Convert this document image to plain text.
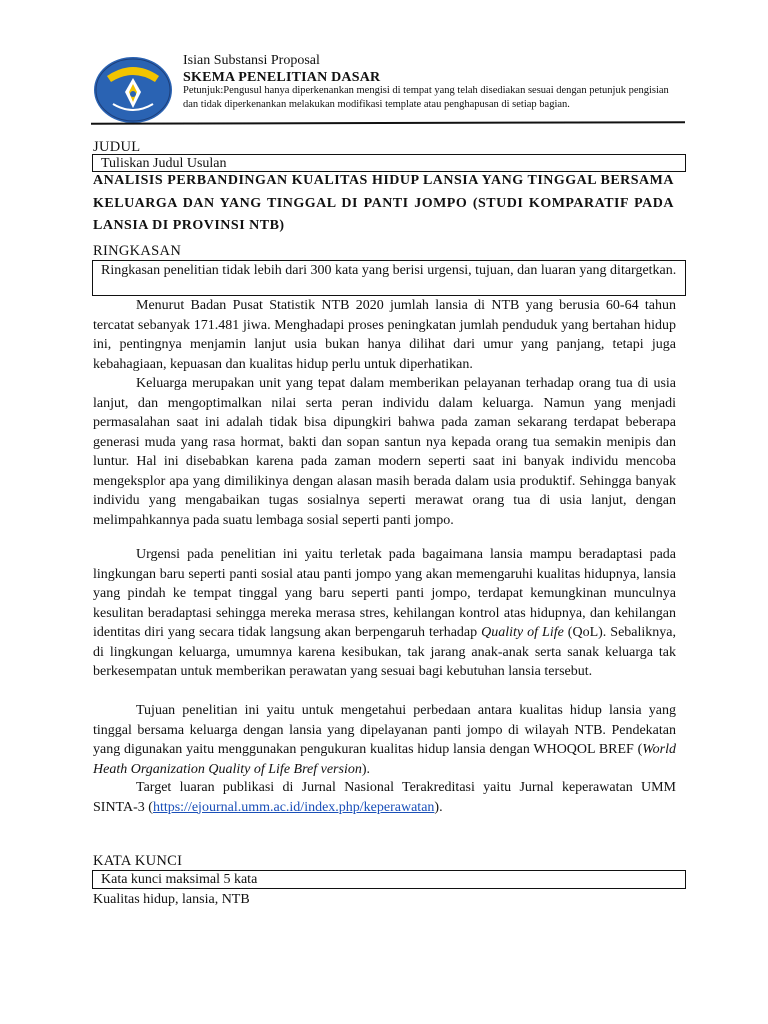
Isian Substansi Proposal
SKEMA PENELITIAN DASAR
Petunjuk:Pengusul hanya diperkenankan mengisi di tempat yang telah disediakan sesuai dengan petunjuk pengisian dan tidak diperkenankan melakukan modifikasi template atau penghapusan di setiap bagian.
JUDUL
Tuliskan Judul Usulan
ANALISIS PERBANDINGAN KUALITAS HIDUP LANSIA YANG TINGGAL BERSAMA KELUARGA DAN YANG TINGGAL DI PANTI JOMPO (STUDI KOMPARATIF PADA LANSIA DI PROVINSI NTB)
RINGKASAN
Ringkasan penelitian tidak lebih dari 300 kata yang berisi urgensi, tujuan, dan luaran yang ditargetkan.

Menurut Badan Pusat Statistik NTB 2020 jumlah lansia di NTB yang berusia 60-64 tahun tercatat sebanyak 171.481 jiwa. Menghadapi proses peningkatan jumlah penduduk yang bertahan hidup ini, pentingnya menjamin lanjut usia bukan hanya dilihat dari umur yang panjang, tetapi juga kebahagiaan, kepuasan dan kualitas hidup perlu untuk diperhatikan.

Keluarga merupakan unit yang tepat dalam memberikan pelayanan terhadap orang tua di usia lanjut, dan mengoptimalkan nilai serta peran individu dalam keluarga. Namun yang menjadi permasalahan saat ini adalah tidak bisa dipungkiri bahwa pada zaman sekarang terdapat beberapa generasi muda yang rasa hormat, bakti dan sopan santun nya kepada orang tua semakin menipis dan luntur. Hal ini disebabkan karena pada zaman modern seperti saat ini banyak individu mencoba mengeksplor apa yang dimilikinya dengan alasan masih berada dalam usia produktif. Sehingga banyak individu yang mengabaikan tugas sosialnya seperti merawat orang tua di usia lanjut, dengan melimpahkannya pada suatu lembaga sosial seperti panti jompo.

Urgensi pada penelitian ini yaitu terletak pada bagaimana lansia mampu beradaptasi pada lingkungan baru seperti panti sosial atau panti jompo yang akan memengaruhi kualitas hidupnya, lansia yang pindah ke tempat tinggal yang baru seperti panti jompo, terdapat kemungkinan munculnya kesulitan beradaptasi sehingga mereka merasa stres, kehilangan kontrol atas hidupnya, dan kehilangan identitas diri yang secara tidak langsung akan berpengaruh terhadap Quality of Life (QoL). Sebaliknya, di lingkungan keluarga, umumnya karena kesibukan, tak jarang anak-anak serta sanak keluarga tak berkesempatan untuk memberikan perawatan yang sesuai bagi kebutuhan lansia tersebut.

Tujuan penelitian ini yaitu untuk mengetahui perbedaan antara kualitas hidup lansia yang tinggal bersama keluarga dengan lansia yang dipelayanan panti jompo di wilayah NTB. Pendekatan yang digunakan yaitu menggunakan pengukuran kualitas hidup lansia dengan WHOQOL BREF (World Heath Organization Quality of Life Bref version).

Target luaran publikasi di Jurnal Nasional Terakreditasi yaitu Jurnal keperawatan UMM SINTA-3 (https://ejournal.umm.ac.id/index.php/keperawatan).

KATA KUNCI
Kata kunci maksimal 5 kata
Kualitas hidup, lansia, NTB
